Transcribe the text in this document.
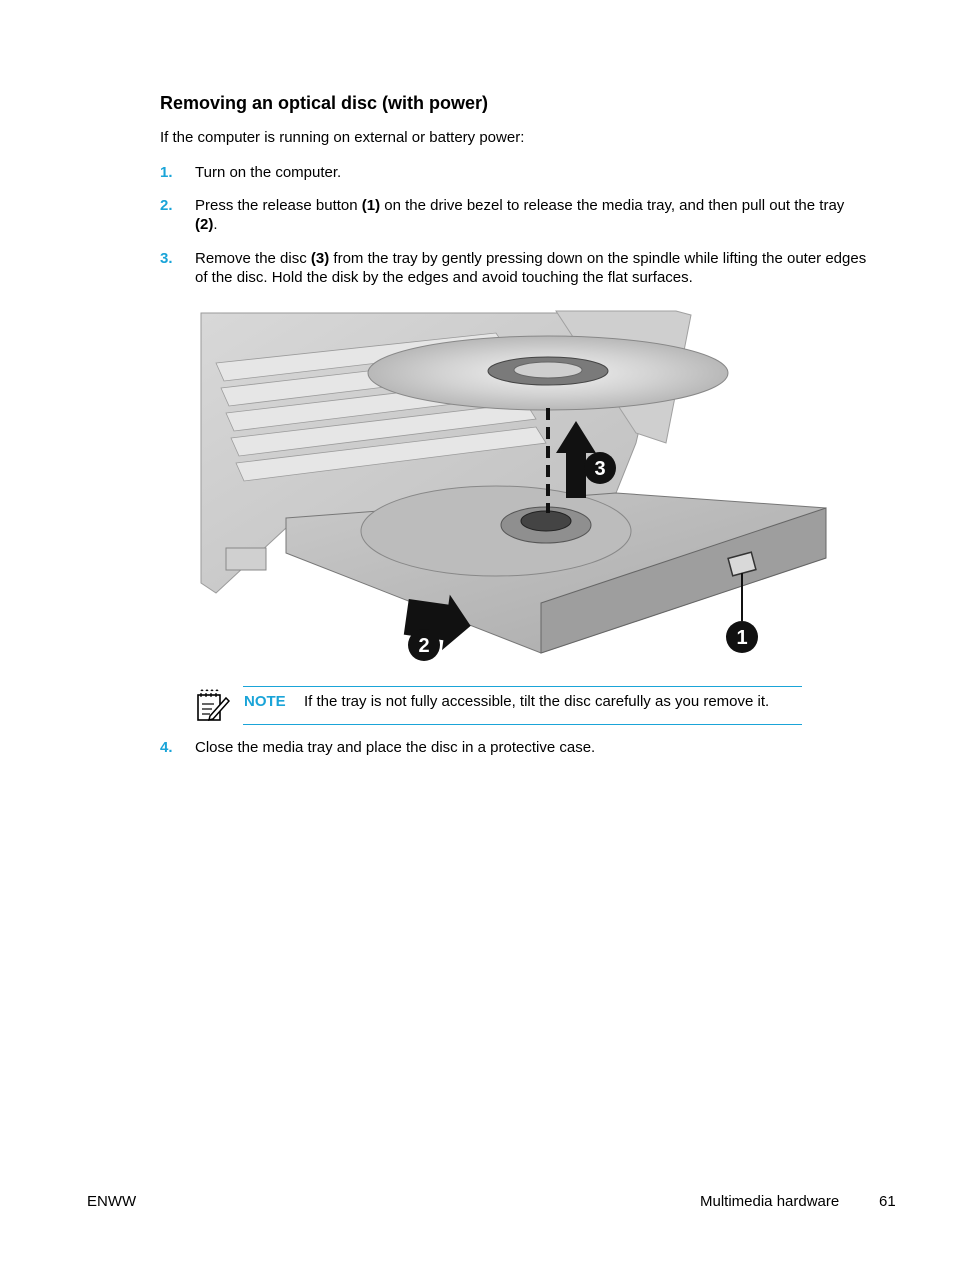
Removing an optical disc (with power)

If the computer is running on external or battery power:

1. Turn on the computer.
2. Press the release button (1) on the drive bezel to release the media tray, and then pull out the tray (2).
3. Remove the disc (3) from the tray by gently pressing down on the spindle while lifting the outer edges of the disc. Hold the disk by the edges and avoid touching the flat surfaces.
1
2
3
NOTE If the tray is not fully accessible, tilt the disc carefully as you remove it.
4. Close the media tray and place the disc in a protective case.
ENWW	Multimedia hardware	61
